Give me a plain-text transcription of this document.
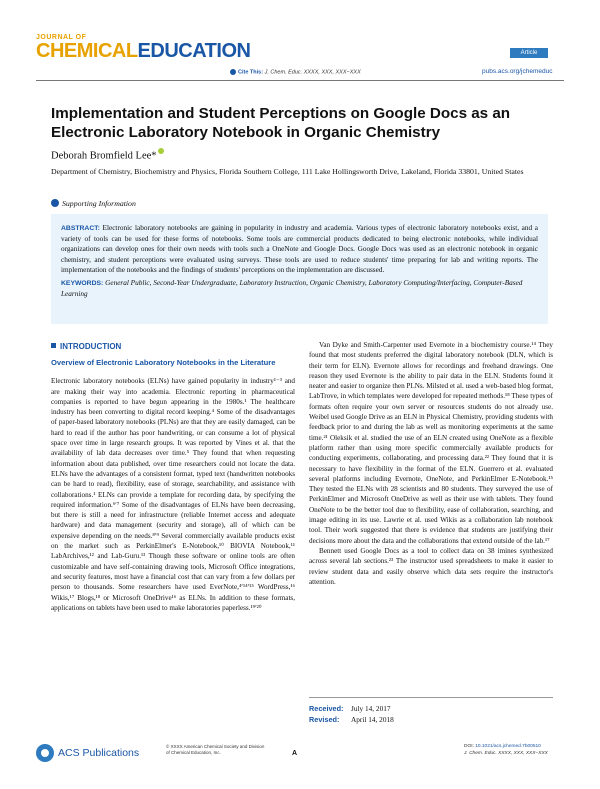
JOURNAL OF
CHEMICALEDUCATION
Cite This: J. Chem. Educ. XXXX, XXX, XXX−XXX
Article
pubs.acs.org/jchemeduc
Implementation and Student Perceptions on Google Docs as an Electronic Laboratory Notebook in Organic Chemistry
Deborah Bromfield Lee*
Department of Chemistry, Biochemistry and Physics, Florida Southern College, 111 Lake Hollingsworth Drive, Lakeland, Florida 33801, United States
Supporting Information
ABSTRACT: Electronic laboratory notebooks are gaining in popularity in industry and academia. Various types of electronic laboratory notebooks exist, and a variety of tools can be used for these forms of notebooks. Some tools are commercial products dedicated to being electronic notebooks, while individual organizations can develop ones for their own needs with tools such a OneNote and Google Docs. Google Docs was used as an electronic notebook in organic chemistry, and student perceptions were evaluated using surveys. These tools are used to reduce students' time preparing for lab and writing reports. The implementation of the notebooks and the findings of students' perceptions on the implementation are discussed.
KEYWORDS: General Public, Second-Year Undergraduate, Laboratory Instruction, Organic Chemistry, Laboratory Computing/Interfacing, Computer-Based Learning
INTRODUCTION
Overview of Electronic Laboratory Notebooks in the Literature

Electronic laboratory notebooks (ELNs) have gained popularity in industry¹⁻³ and are making their way into academia. Electronic reporting in pharmaceutical companies is reported to have begun appearing in the 1980s.¹ The healthcare industry has been converting to digital record keeping.⁴ Some of the disadvantages of paper-based laboratory notebooks (PLNs) are that they are easily damaged, can be hard to read if the author has poor handwriting, or can consume a lot of physical space over time in large research groups. It was reported by Vines et al. that the availability of lab data decreases over time.⁵ They found that when requesting information about data published, over time researchers could not locate the data. ELNs have the advantages of a consistent format, typed text (handwritten notebooks can be hard to read), flexibility, ease of storage, searchability, and assistance with collaborations.¹ ELNs can provide a template for recording data, by specifying the required information.⁶ʹ⁷ Some of the disadvantages of ELNs have been decreasing, but there is still a need for infrastructure (reliable Internet access and adequate hardware) and data management (security and storage), all of which can be expensive depending on the needs.⁸ʹ⁹ Several commercially available products exist on the market such as PerkinElmer's E-Notebook,¹⁰ BIOVIA Notebook,¹¹ LabArchives,¹² and Lab-Guru.¹³ Though these software or online tools are often customizable and have self-containing drawing tools, Microsoft Office integrations, and security features, most have a financial cost that can vary from a few dollars per person to thousands. Some researchers have used EverNote,⁴ʹ¹⁴ʹ¹⁵ WordPress,¹⁶ Wikis,¹⁷ Blogs,¹⁸ or Microsoft OneDrive¹⁶ as ELNs. In addition to these formats, applications on tablets have been used to make laboratories paperless.¹⁹ʹ²⁰

Van Dyke and Smith-Carpenter used Evernote in a biochemistry course.¹⁴ They found that most students preferred the digital laboratory notebook (DLN, which is their term for ELN). Evernote allows for recordings and freehand drawings. One reason they used Evernote is the ability to pair data in the ELN. Students found it neater and easier to organize then PLNs. Milsted et al. used a web-based blog format, LabTrove, in which templates were developed for repeated methods.¹⁸ These types of formats often require your own server or resources students do not already use. Weibel used Google Drive as an ELN in Physical Chemistry, providing students with feedback prior to and during the lab as well as monitoring experiments at the same time.²¹ Oleksik et al. studied the use of an ELN created using OneNote as a flexible platform rather than using more specific commercially available products for conducting experiments, collaborating, and processing data.²² They found that it is necessary to have flexibility in the format of the ELN. Guerrero et al. evaluated several platforms including Evernote, OneNote, and PerkinElmer E-Notebook.¹⁵ They tested the ELNs with 28 scientists and 80 students. They surveyed the use of PerkinElmer and Microsoft OneDrive as well as their use with tablets. They found OneNote to be the better tool due to flexibility, ease of collaboration, searching, and image editing in its use. Lawrie et al. used Wikis as a collaboration lab notebook tool. Their work suggested that there is evidence that students are justifying their decisions more about the data and the collaborations that extend outside of the lab.¹⁷

Bennett used Google Docs as a tool to collect data on 38 imines synthesized across several lab sections.²³ The instructor used spreadsheets to make it easier to review student data and easily observe which data sets require the instructor's attention.

Received: July 14, 2017
Revised: April 14, 2018
ACS Publications
© XXXX American Chemical Society and Division of Chemical Education, Inc.	A
DOI: 10.1021/acs.jchemed.7b00510
J. Chem. Educ. XXXX, XXX, XXX−XXX
